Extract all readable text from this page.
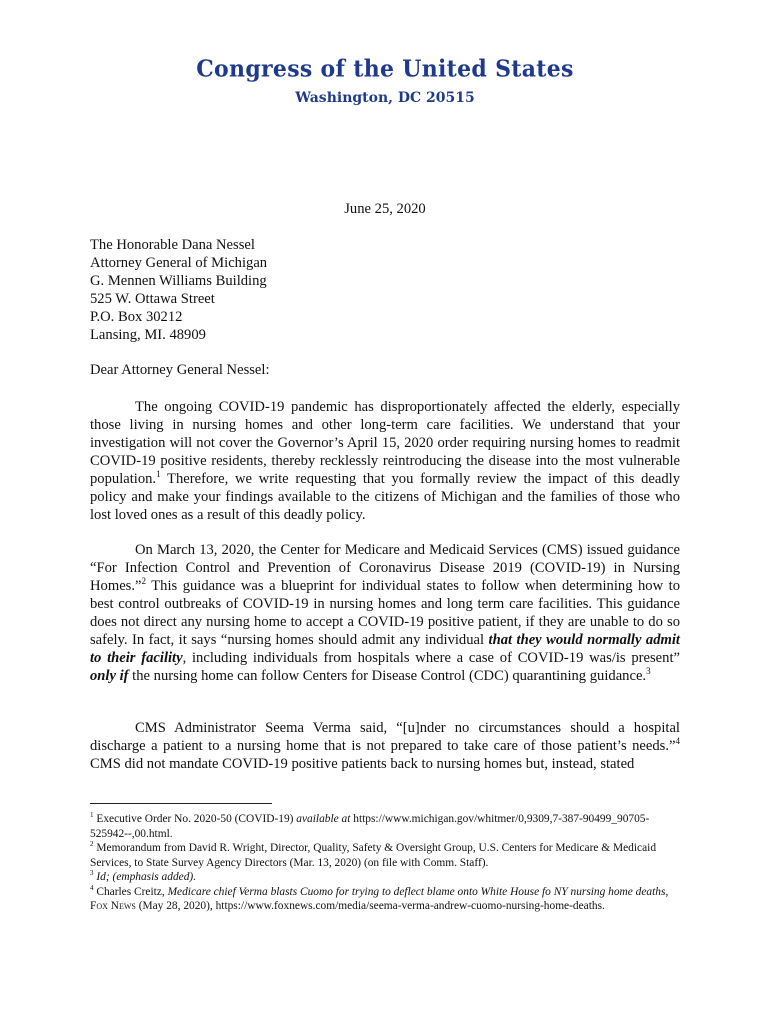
Congress of the United States
Washington, DC 20515
June 25, 2020
The Honorable Dana Nessel
Attorney General of Michigan
G. Mennen Williams Building
525 W. Ottawa Street
P.O. Box 30212
Lansing, MI. 48909
Dear Attorney General Nessel:

The ongoing COVID-19 pandemic has disproportionately affected the elderly, especially those living in nursing homes and other long-term care facilities. We understand that your investigation will not cover the Governor’s April 15, 2020 order requiring nursing homes to readmit COVID-19 positive residents, thereby recklessly reintroducing the disease into the most vulnerable population.$^1$ Therefore, we write requesting that you formally review the impact of this deadly policy and make your findings available to the citizens of Michigan and the families of those who lost loved ones as a result of this deadly policy.

On March 13, 2020, the Center for Medicare and Medicaid Services (CMS) issued guidance “For Infection Control and Prevention of Coronavirus Disease 2019 (COVID-19) in Nursing Homes.”$^2$ This guidance was a blueprint for individual states to follow when determining how to best control outbreaks of COVID-19 in nursing homes and long term care facilities. This guidance does not direct any nursing home to accept a COVID-19 positive patient, if they are unable to do so safely. In fact, it says “nursing homes should admit any individual that they would normally admit to their facility, including individuals from hospitals where a case of COVID-19 was/is present” only if the nursing home can follow Centers for Disease Control (CDC) quarantining guidance.$^3$

CMS Administrator Seema Verma said, “[u]nder no circumstances should a hospital discharge a patient to a nursing home that is not prepared to take care of those patient’s needs.”$^4$ CMS did not mandate COVID-19 positive patients back to nursing homes but, instead, stated

$^1$ Executive Order No. 2020-50 (COVID-19) available at https://www.michigan.gov/whitmer/0,9309,7-387-90499_90705-525942--,00.html.

$^2$ Memorandum from David R. Wright, Director, Quality, Safety & Oversight Group, U.S. Centers for Medicare & Medicaid Services, to State Survey Agency Directors (Mar. 13, 2020) (on file with Comm. Staff).

$^3$ Id; (emphasis added).

$^4$ Charles Creitz, Medicare chief Verma blasts Cuomo for trying to deflect blame onto White House fo NY nursing home deaths, Fox News (May 28, 2020), https://www.foxnews.com/media/seema-verma-andrew-cuomo-nursing-home-deaths.
